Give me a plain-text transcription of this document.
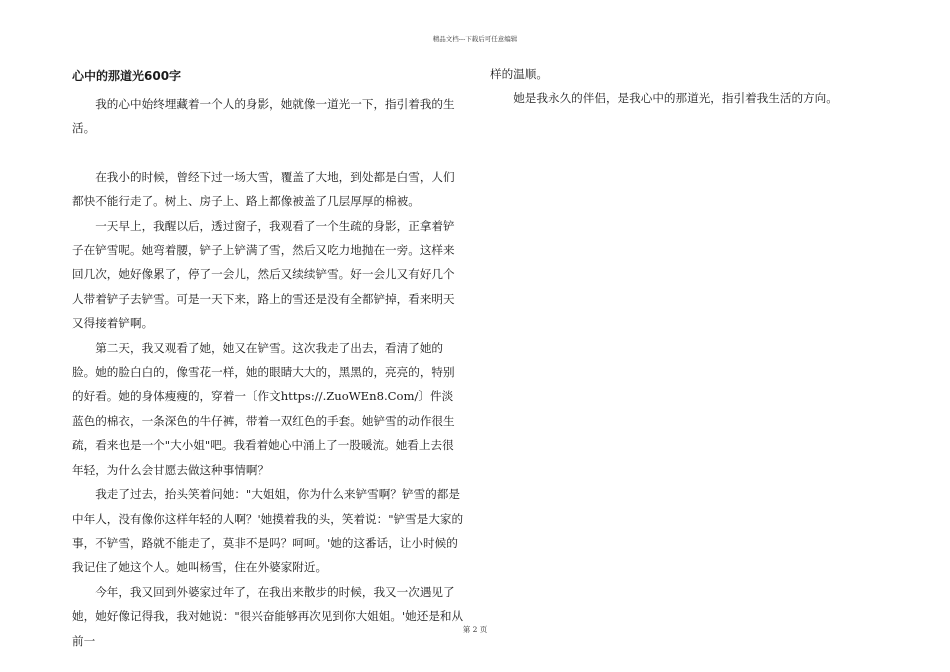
精品文档---下载后可任意编辑
心中的那道光600字

我的心中始终埋藏着一个人的身影，她就像一道光一下，指引着我的生活。

在我小的时候，曾经下过一场大雪，覆盖了大地，到处都是白雪，人们都快不能行走了。树上、房子上、路上都像被盖了几层厚厚的棉被。

一天早上，我醒以后，透过窗子，我观看了一个生疏的身影，正拿着铲子在铲雪呢。她弯着腰，铲子上铲满了雪，然后又吃力地抛在一旁。这样来回几次，她好像累了，停了一会儿，然后又续续铲雪。好一会儿又有好几个人带着铲子去铲雪。可是一天下来，路上的雪还是没有全都铲掉，看来明天又得接着铲啊。

第二天，我又观看了她，她又在铲雪。这次我走了出去，看清了她的脸。她的脸白白的，像雪花一样，她的眼睛大大的，黑黑的，亮亮的，特别的好看。她的身体瘦瘦的，穿着一〔作文https://.ZuoWEn8.Com/〕件淡蓝色的棉衣，一条深色的牛仔裤，带着一双红色的手套。她铲雪的动作很生疏，看来也是一个"大小姐"吧。我看着她心中涌上了一股暖流。她看上去很年轻，为什么会甘愿去做这种事情啊？

我走了过去，抬头笑着问她："大姐姐，你为什么来铲雪啊？铲雪的都是中年人，没有像你这样年轻的人啊？'她摸着我的头，笑着说："铲雪是大家的事，不铲雪，路就不能走了，莫非不是吗？呵呵。'她的这番话，让小时候的我记住了她这个人。她叫杨雪，住在外婆家附近。

今年，我又回到外婆家过年了，在我出来散步的时候，我又一次遇见了她，她好像记得我，我对她说："很兴奋能够再次见到你大姐姐。'她还是和从前一

样的温顺。

她是我永久的伴侣，是我心中的那道光，指引着我生活的方向。

第 2 页
